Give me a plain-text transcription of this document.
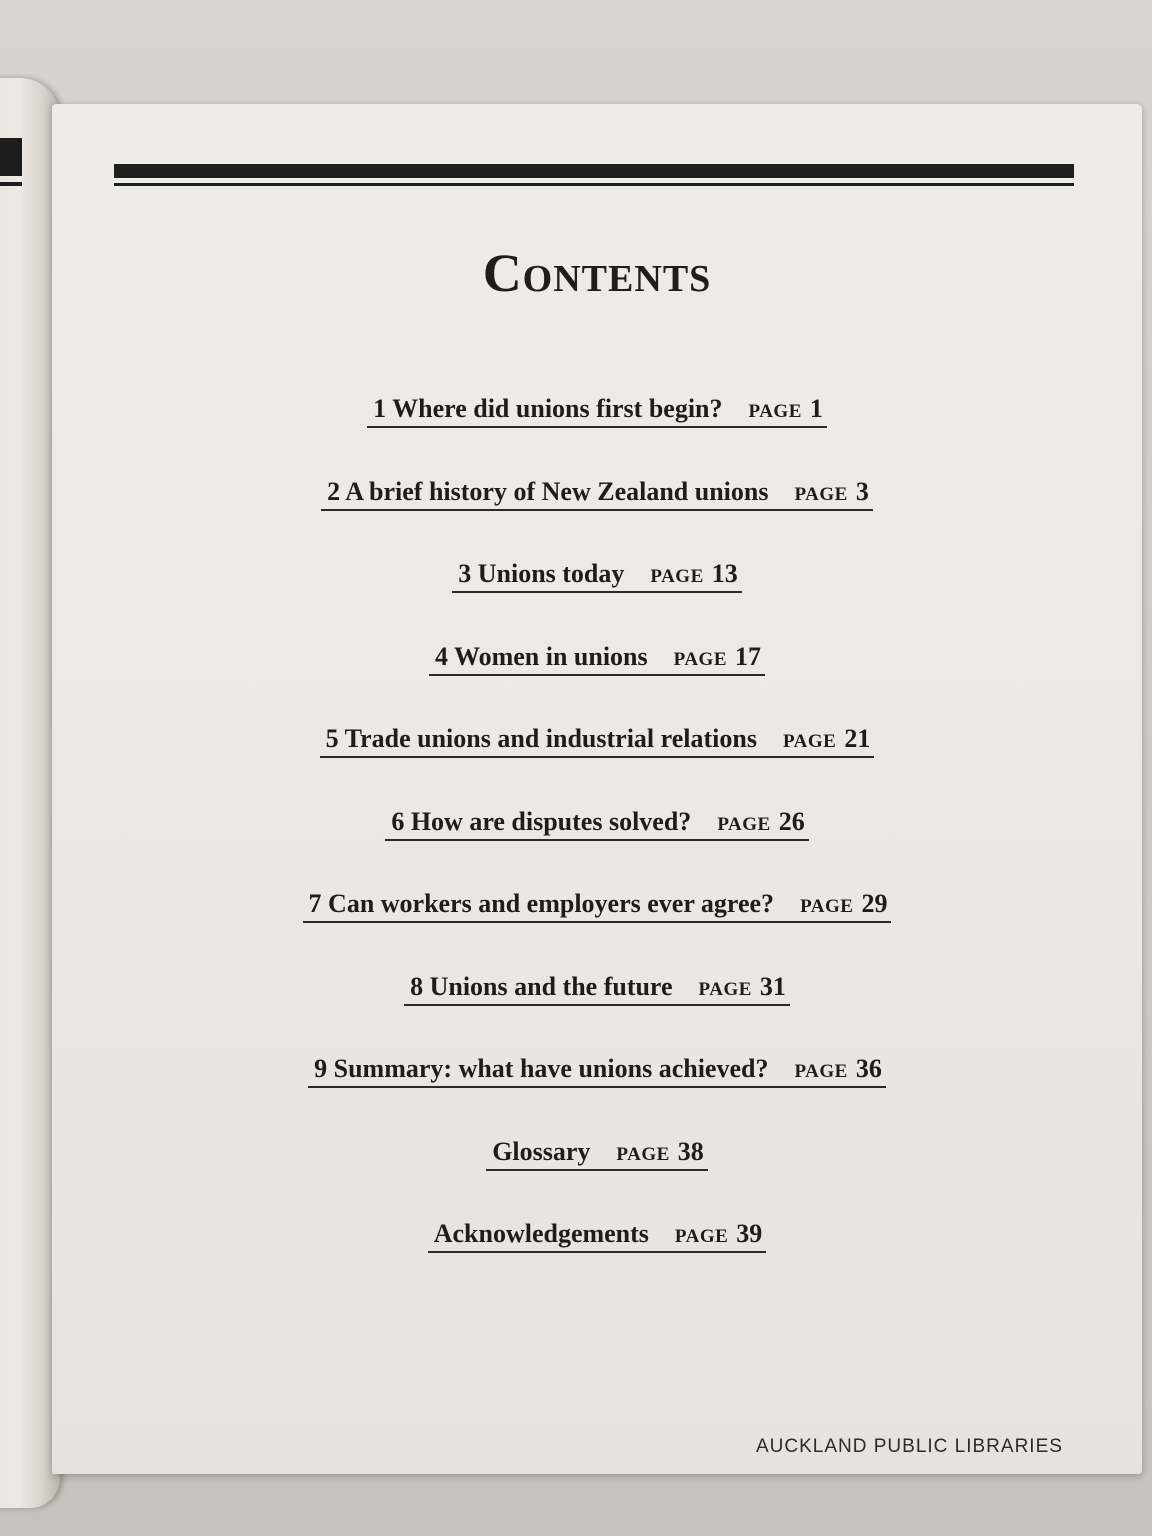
Contents
1 Where did unions first begin? PAGE 1
2 A brief history of New Zealand unions PAGE 3
3 Unions today PAGE 13
4 Women in unions PAGE 17
5 Trade unions and industrial relations PAGE 21
6 How are disputes solved? PAGE 26
7 Can workers and employers ever agree? PAGE 29
8 Unions and the future PAGE 31
9 Summary: what have unions achieved? PAGE 36
Glossary PAGE 38
Acknowledgements PAGE 39
AUCKLAND PUBLIC LIBRARIES
